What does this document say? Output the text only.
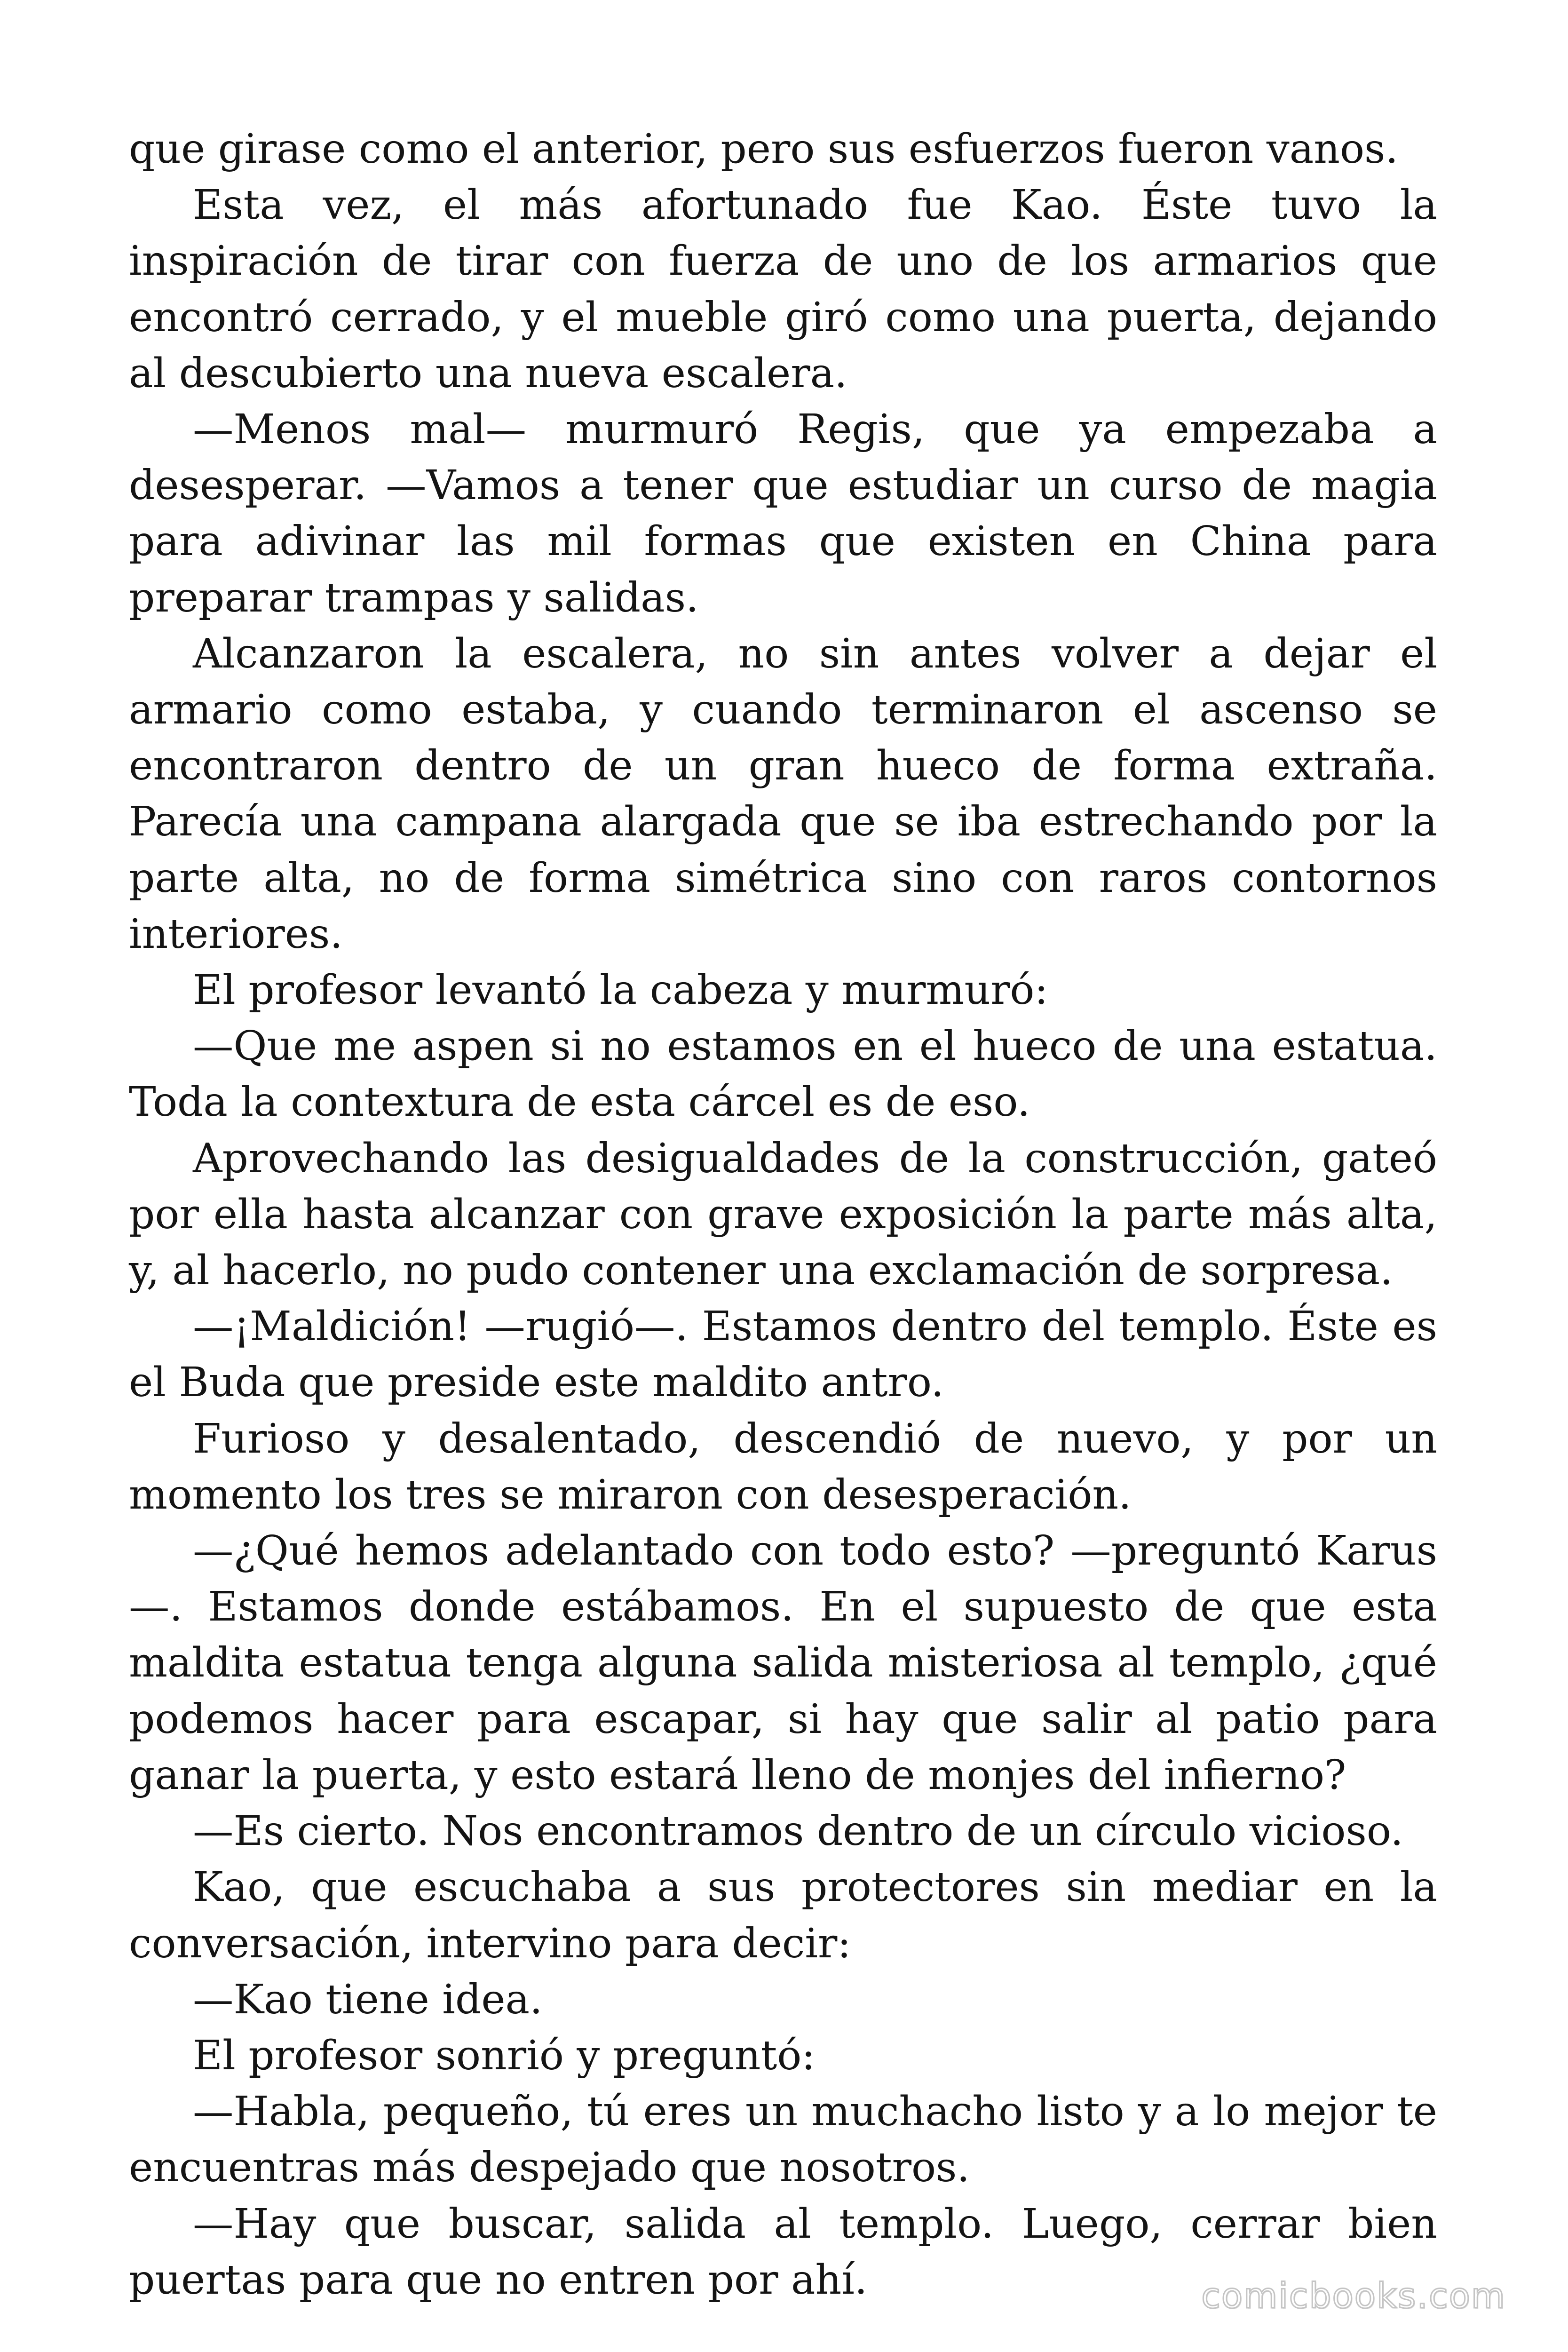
que girase como el anterior, pero sus esfuerzos fueron vanos.

Esta vez, el más afortunado fue Kao. Éste tuvo la inspiración de tirar con fuerza de uno de los armarios que encontró cerrado, y el mueble giró como una puerta, dejando al descubierto una nueva escalera.

—Menos mal— murmuró Regis, que ya empezaba a desesperar. —Vamos a tener que estudiar un curso de magia para adivinar las mil formas que existen en China para preparar trampas y salidas.

Alcanzaron la escalera, no sin antes volver a dejar el armario como estaba, y cuando terminaron el ascenso se encontraron dentro de un gran hueco de forma extraña. Parecía una campana alargada que se iba estrechando por la parte alta, no de forma simétrica sino con raros contornos interiores.

El profesor levantó la cabeza y murmuró:

—Que me aspen si no estamos en el hueco de una estatua. Toda la contextura de esta cárcel es de eso.

Aprovechando las desigualdades de la construcción, gateó por ella hasta alcanzar con grave exposición la parte más alta, y, al hacerlo, no pudo contener una exclamación de sorpresa.

—¡Maldición! —rugió—. Estamos dentro del templo. Éste es el Buda que preside este maldito antro.

Furioso y desalentado, descendió de nuevo, y por un momento los tres se miraron con desesperación.

—¿Qué hemos adelantado con todo esto? —preguntó Karus—. Estamos donde estábamos. En el supuesto de que esta maldita estatua tenga alguna salida misteriosa al templo, ¿qué podemos hacer para escapar, si hay que salir al patio para ganar la puerta, y esto estará lleno de monjes del infierno?

—Es cierto. Nos encontramos dentro de un círculo vicioso.

Kao, que escuchaba a sus protectores sin mediar en la conversación, intervino para decir:

—Kao tiene idea.

El profesor sonrió y preguntó:

—Habla, pequeño, tú eres un muchacho listo y a lo mejor te encuentras más despejado que nosotros.

—Hay que buscar, salida al templo. Luego, cerrar bien puertas para que no entren por ahí.	comicbooks.com
